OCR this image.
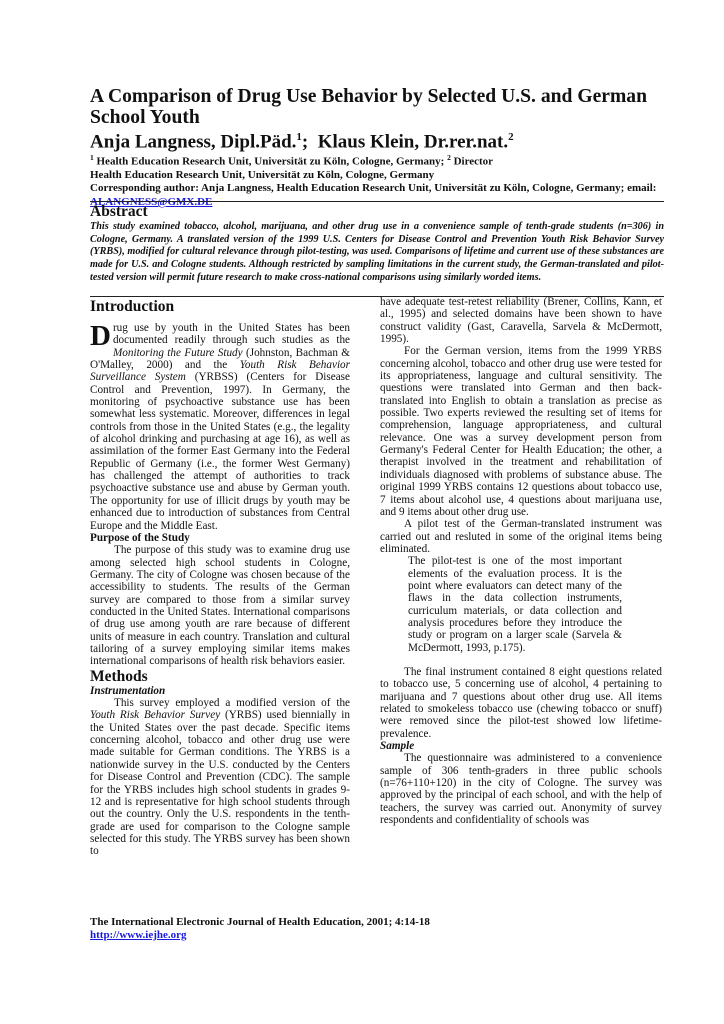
A Comparison of Drug Use Behavior by Selected U.S. and German School Youth

Anja Langness, Dipl.Päd.$^1$;  Klaus Klein, Dr.rer.nat.$^2$

$^1$ Health Education Research Unit, Universität zu Köln, Cologne, Germany; $^2$ Director
Health Education Research Unit, Universität zu Köln, Cologne, Germany
Corresponding author: Anja Langness, Health Education Research Unit, Universität zu Köln, Cologne, Germany; email: ALANGNESS@GMX.DE

Abstract

This study examined tobacco, alcohol, marijuana, and other drug use in a convenience sample of tenth-grade students (n=306) in Cologne, Germany. A translated version of the 1999 U.S. Centers for Disease Control and Prevention Youth Risk Behavior Survey (YRBS), modified for cultural relevance through pilot-testing, was used. Comparisons of lifetime and current use of these substances are made for U.S. and Cologne students. Although restricted by sampling limitations in the current study, the German-translated and pilot-tested version will permit future research to make cross-national comparisons using similarly worded items.

Introduction

Drug use by youth in the United States has been documented readily through such studies as the Monitoring the Future Study (Johnston, Bachman & O'Malley, 2000) and the Youth Risk Behavior Surveillance System (YRBSS) (Centers for Disease Control and Prevention, 1997). In Germany, the monitoring of psychoactive substance use has been somewhat less systematic. Moreover, differences in legal controls from those in the United States (e.g., the legality of alcohol drinking and purchasing at age 16), as well as assimilation of the former East Germany into the Federal Republic of Germany (i.e., the former West Germany) has challenged the attempt of authorities to track psychoactive substance use and abuse by German youth. The opportunity for use of illicit drugs by youth may be enhanced due to introduction of substances from Central Europe and the Middle East.

Purpose of the Study

The purpose of this study was to examine drug use among selected high school students in Cologne, Germany. The city of Cologne was chosen because of the accessibility to students. The results of the German survey are compared to those from a similar survey conducted in the United States. International comparisons of drug use among youth are rare because of different units of measure in each country. Translation and cultural tailoring of a survey employing similar items makes international comparisons of health risk behaviors easier.

Methods
Instrumentation

This survey employed a modified version of the Youth Risk Behavior Survey (YRBS) used biennially in the United States over the past decade. Specific items concerning alcohol, tobacco and other drug use were made suitable for German conditions. The YRBS is a nationwide survey in the U.S. conducted by the Centers for Disease Control and Prevention (CDC). The sample for the YRBS includes high school students in grades 9- 12 and is representative for high school students through out the country. Only the U.S. respondents in the tenth-grade are used for comparison to the Cologne sample selected for this study. The YRBS survey has been shown to

have adequate test-retest reliability (Brener, Collins, Kann, et al., 1995) and selected domains have been shown to have construct validity (Gast, Caravella, Sarvela & McDermott, 1995).

For the German version, items from the 1999 YRBS concerning alcohol, tobacco and other drug use were tested for its appropriateness, language and cultural sensitivity. The questions were translated into German and then back-translated into English to obtain a translation as precise as possible. Two experts reviewed the resulting set of items for comprehension, language appropriateness, and cultural relevance. One was a survey development person from Germany's Federal Center for Health Education; the other, a therapist involved in the treatment and rehabilitation of individuals diagnosed with problems of substance abuse. The original 1999 YRBS contains 12 questions about tobacco use, 7 items about alcohol use, 4 questions about marijuana use, and 9 items about other drug use.

A pilot test of the German-translated instrument was carried out and resluted in some of the original items being eliminated.

The pilot-test is one of the most important elements of the evaluation process. It is the point where evaluators can detect many of the flaws in the data collection instruments, curriculum materials, or data collection and analysis procedures before they introduce the study or program on a larger scale (Sarvela & McDermott, 1993, p.175).

The final instrument contained 8 eight questions related to tobacco use, 5 concerning use of alcohol, 4 pertaining to marijuana and 7 questions about other drug use. All items related to smokeless tobacco use (chewing tobacco or snuff) were removed since the pilot-test showed low lifetime-prevalence.

Sample

The questionnaire was administered to a convenience sample of 306 tenth-graders in three public schools (n=76+110+120) in the city of Cologne. The survey was approved by the principal of each school, and with the help of teachers, the survey was carried out. Anonymity of survey respondents and confidentiality of schools was

The International Electronic Journal of Health Education, 2001; 4:14-18
http://www.iejhe.org
